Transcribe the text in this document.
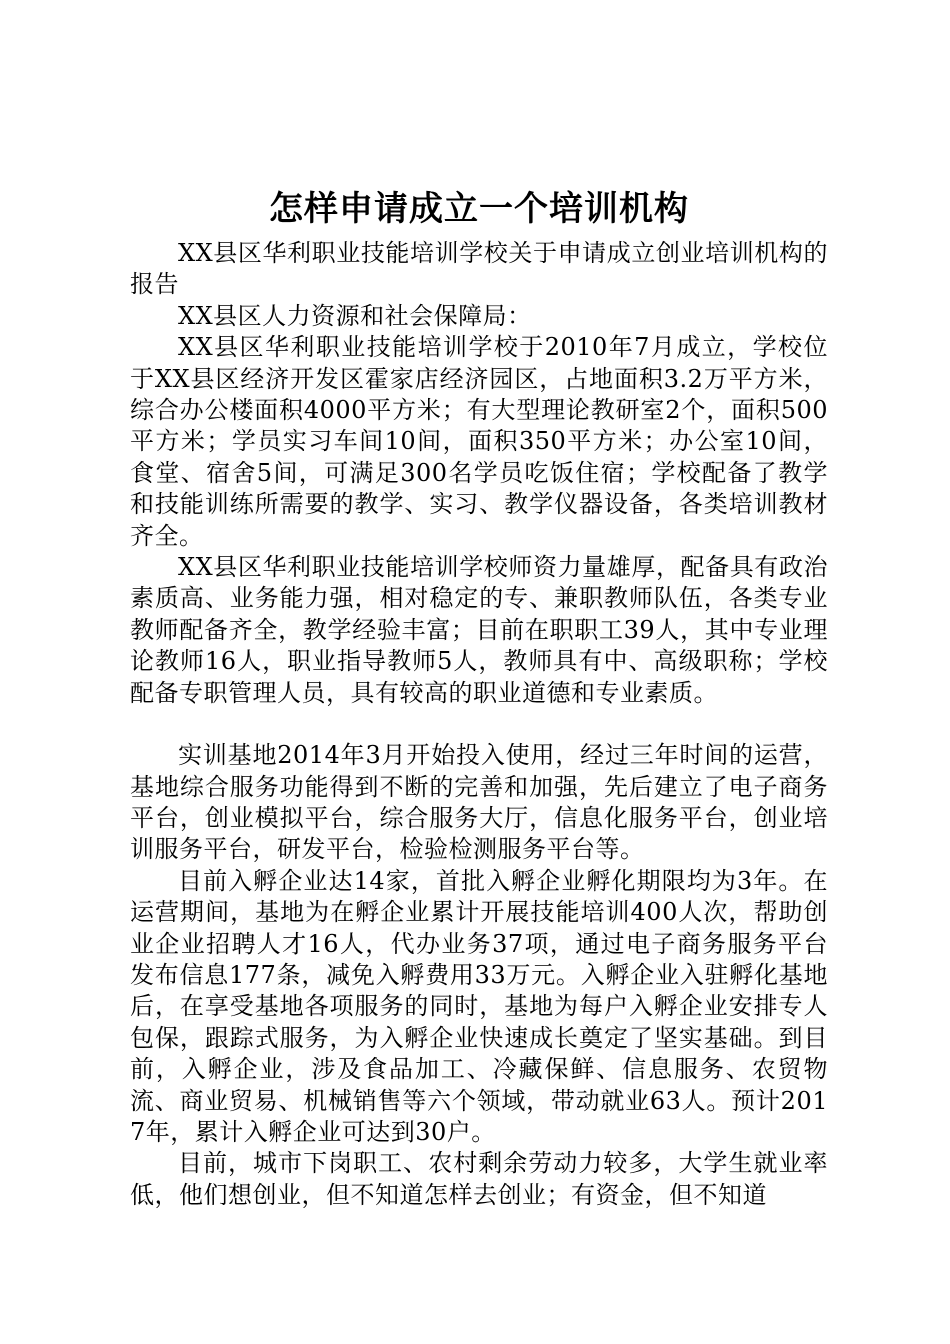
怎样申请成立一个培训机构

XX县区华利职业技能培训学校关于申请成立创业培训机构的报告

XX县区人力资源和社会保障局：

XX县区华利职业技能培训学校于2010年7月成立，学校位于XX县区经济开发区霍家店经济园区，占地面积3.2万平方米，综合办公楼面积4000平方米；有大型理论教研室2个，面积500平方米；学员实习车间10间，面积350平方米；办公室10间，食堂、宿舍5间，可满足300名学员吃饭住宿；学校配备了教学和技能训练所需要的教学、实习、教学仪器设备，各类培训教材齐全。

XX县区华利职业技能培训学校师资力量雄厚，配备具有政治素质高、业务能力强，相对稳定的专、兼职教师队伍，各类专业教师配备齐全，教学经验丰富；目前在职职工39人，其中专业理论教师16人，职业指导教师5人，教师具有中、高级职称；学校配备专职管理人员，具有较高的职业道德和专业素质。

实训基地2014年3月开始投入使用，经过三年时间的运营，基地综合服务功能得到不断的完善和加强，先后建立了电子商务平台，创业模拟平台，综合服务大厅，信息化服务平台，创业培训服务平台，研发平台，检验检测服务平台等。

目前入孵企业达14家，首批入孵企业孵化期限均为3年。在运营期间，基地为在孵企业累计开展技能培训400人次，帮助创业企业招聘人才16人，代办业务37项，通过电子商务服务平台发布信息177条，减免入孵费用33万元。入孵企业入驻孵化基地后，在享受基地各项服务的同时，基地为每户入孵企业安排专人包保，跟踪式服务，为入孵企业快速成长奠定了坚实基础。到目前，入孵企业，涉及食品加工、冷藏保鲜、信息服务、农贸物流、商业贸易、机械销售等六个领域，带动就业63人。预计2017年，累计入孵企业可达到30户。

目前，城市下岗职工、农村剩余劳动力较多，大学生就业率低，他们想创业，但不知道怎样去创业；有资金，但不知道
